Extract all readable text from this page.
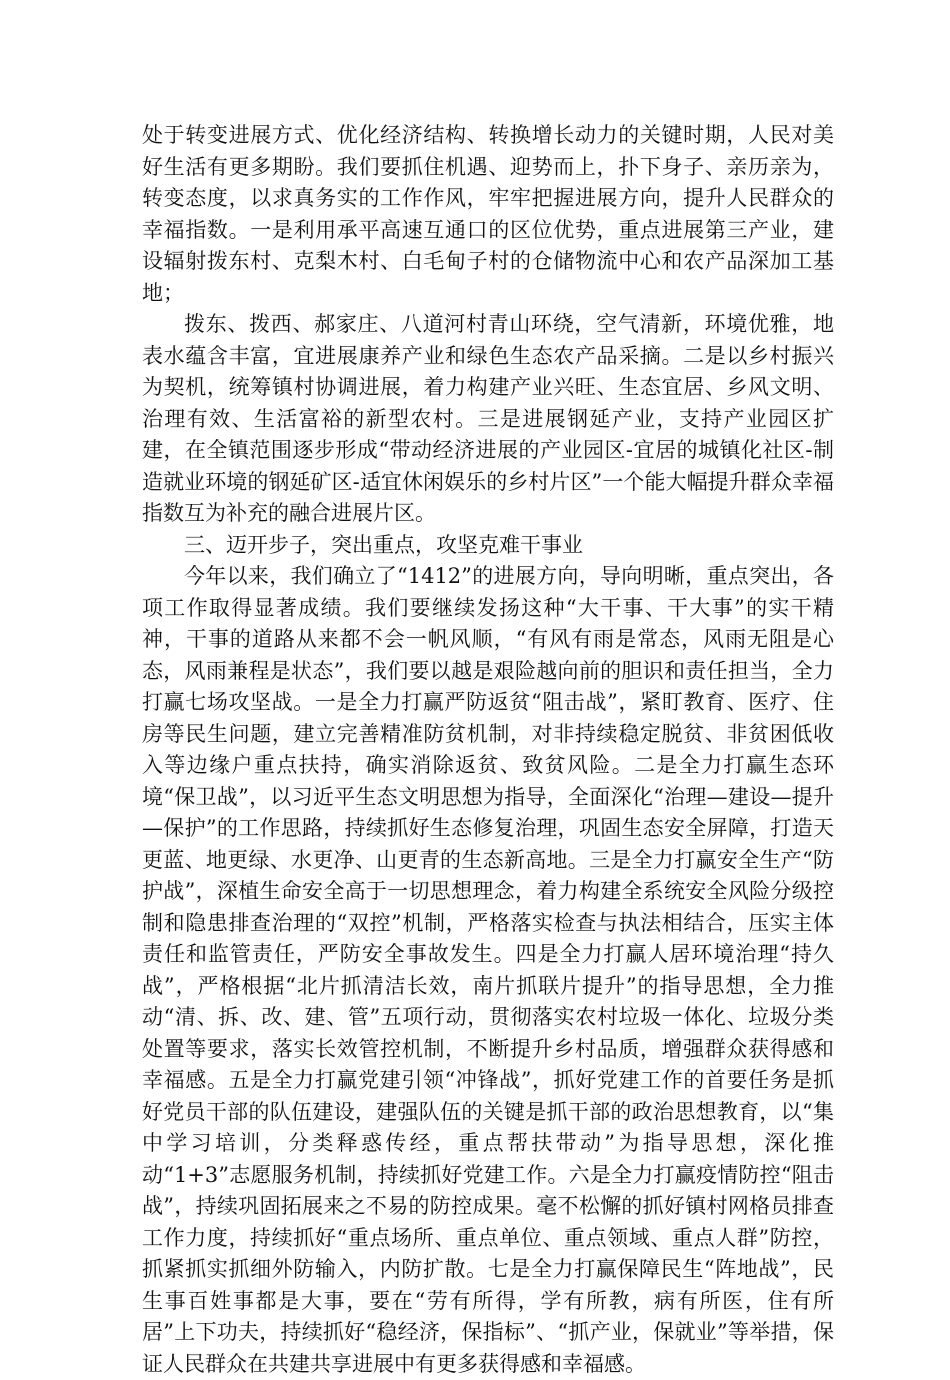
处于转变进展方式、优化经济结构、转换增长动力的关键时期，人民对美好生活有更多期盼。我们要抓住机遇、迎势而上，扑下身子、亲历亲为，转变态度，以求真务实的工作作风，牢牢把握进展方向，提升人民群众的幸福指数。一是利用承平高速互通口的区位优势，重点进展第三产业，建设辐射拨东村、克梨木村、白毛甸子村的仓储物流中心和农产品深加工基地；

拨东、拨西、郝家庄、八道河村青山环绕，空气清新，环境优雅，地表水蕴含丰富，宜进展康养产业和绿色生态农产品采摘。二是以乡村振兴为契机，统筹镇村协调进展，着力构建产业兴旺、生态宜居、乡风文明、治理有效、生活富裕的新型农村。三是进展钢延产业，支持产业园区扩建，在全镇范围逐步形成“带动经济进展的产业园区-宜居的城镇化社区-制造就业环境的钢延矿区-适宜休闲娱乐的乡村片区”一个能大幅提升群众幸福指数互为补充的融合进展片区。

三、迈开步子，突出重点，攻坚克难干事业

今年以来，我们确立了“1412”的进展方向，导向明晰，重点突出，各项工作取得显著成绩。我们要继续发扬这种“大干事、干大事”的实干精神，干事的道路从来都不会一帆风顺，“有风有雨是常态，风雨无阻是心态，风雨兼程是状态”，我们要以越是艰险越向前的胆识和责任担当，全力打赢七场攻坚战。一是全力打赢严防返贫“阻击战”，紧盯教育、医疗、住房等民生问题，建立完善精准防贫机制，对非持续稳定脱贫、非贫困低收入等边缘户重点扶持，确实消除返贫、致贫风险。二是全力打赢生态环境“保卫战”，以习近平生态文明思想为指导，全面深化“治理—建设—提升—保护”的工作思路，持续抓好生态修复治理，巩固生态安全屏障，打造天更蓝、地更绿、水更净、山更青的生态新高地。三是全力打赢安全生产“防护战”，深植生命安全高于一切思想理念，着力构建全系统安全风险分级控制和隐患排查治理的“双控”机制，严格落实检查与执法相结合，压实主体责任和监管责任，严防安全事故发生。四是全力打赢人居环境治理“持久战”，严格根据“北片抓清洁长效，南片抓联片提升”的指导思想，全力推动“清、拆、改、建、管”五项行动，贯彻落实农村垃圾一体化、垃圾分类处置等要求，落实长效管控机制，不断提升乡村品质，增强群众获得感和幸福感。五是全力打赢党建引领“冲锋战”，抓好党建工作的首要任务是抓好党员干部的队伍建设，建强队伍的关键是抓干部的政治思想教育，以“集中学习培训，分类释惑传经，重点帮扶带动”为指导思想，深化推动“1+3”志愿服务机制，持续抓好党建工作。六是全力打赢疫情防控“阻击战”，持续巩固拓展来之不易的防控成果。毫不松懈的抓好镇村网格员排查工作力度，持续抓好“重点场所、重点单位、重点领域、重点人群”防控，抓紧抓实抓细外防输入，内防扩散。七是全力打赢保障民生“阵地战”，民生事百姓事都是大事，要在“劳有所得，学有所教，病有所医，住有所居”上下功夫，持续抓好“稳经济，保指标”、“抓产业，保就业”等举措，保证人民群众在共建共享进展中有更多获得感和幸福感。
